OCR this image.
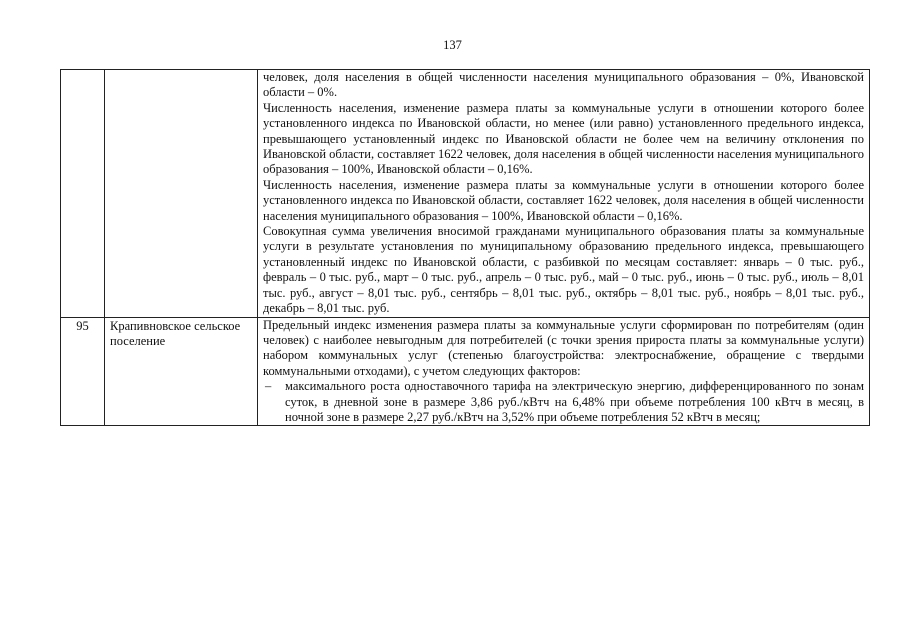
137

		человек, доля населения в общей численности населения муниципального образования – 0%, Ивановской области – 0%.

Численность населения, изменение размера платы за коммунальные услуги в отношении которого более установленного индекса по Ивановской области, но менее (или равно) установленного предельного индекса, превышающего установленный индекс по Ивановской области не более чем на величину отклонения по Ивановской области, составляет 1622 человек, доля населения в общей численности населения муниципального образования – 100%, Ивановской области – 0,16%.

Численность населения, изменение размера платы за коммунальные услуги в отношении которого более установленного индекса по Ивановской области, составляет 1622 человек, доля населения в общей численности населения муниципального образования – 100%, Ивановской области – 0,16%.

Совокупная сумма увеличения вносимой гражданами муниципального образования платы за коммунальные услуги в результате установления по муниципальному образованию предельного индекса, превышающего установленный индекс по Ивановской области, с разбивкой по месяцам составляет: январь – 0 тыс. руб., февраль – 0 тыс. руб., март – 0 тыс. руб., апрель – 0 тыс. руб., май – 0 тыс. руб., июнь – 0 тыс. руб., июль – 8,01 тыс. руб., август – 8,01 тыс. руб., сентябрь – 8,01 тыс. руб., октябрь – 8,01 тыс. руб., ноябрь – 8,01 тыс. руб., декабрь – 8,01 тыс. руб.

95	Крапивновское сельское поселение	Предельный индекс изменения размера платы за коммунальные услуги сформирован по потребителям (один человек) с наиболее невыгодным для потребителей (с точки зрения прироста платы за коммунальные услуги) набором коммунальных услуг (степенью благоустройства: электроснабжение, обращение с твердыми коммунальными отходами), с учетом следующих факторов:

– максимального роста одноставочного тарифа на электрическую энергию, дифференцированного по зонам суток, в дневной зоне в размере 3,86 руб./кВтч на 6,48% при объеме потребления 100 кВтч в месяц, в ночной зоне в размере 2,27 руб./кВтч на 3,52% при объеме потребления 52 кВтч в месяц;
